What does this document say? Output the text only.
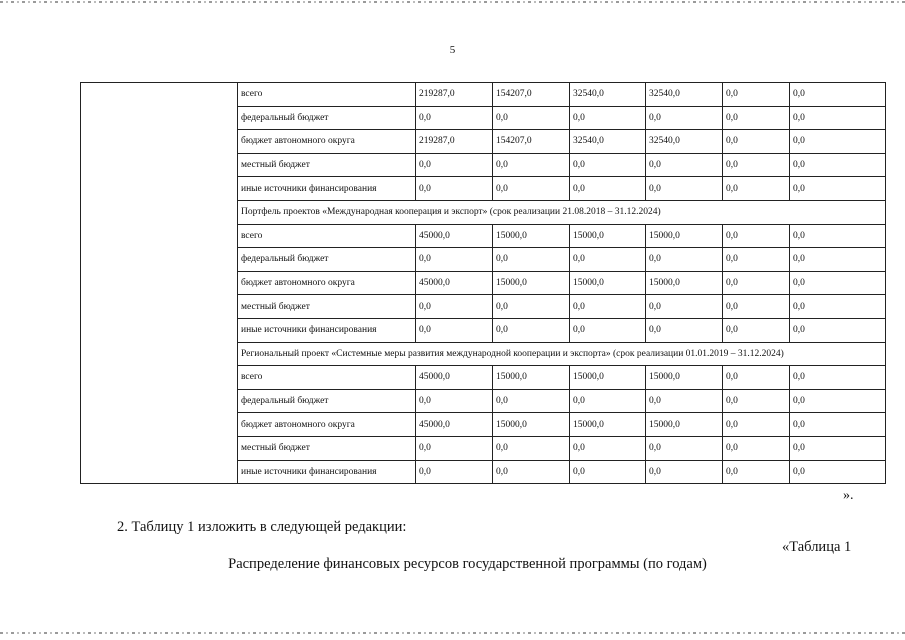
5
	всего	219287,0	154207,0	32540,0	32540,0	0,0	0,0
	федеральный бюджет	0,0	0,0	0,0	0,0	0,0	0,0
	бюджет автономного округа	219287,0	154207,0	32540,0	32540,0	0,0	0,0
	местный бюджет	0,0	0,0	0,0	0,0	0,0	0,0
	иные источники финансирования	0,0	0,0	0,0	0,0	0,0	0,0
	Портфель проектов «Международная кооперация и экспорт» (срок реализации 21.08.2018 – 31.12.2024)						
	всего	45000,0	15000,0	15000,0	15000,0	0,0	0,0
	федеральный бюджет	0,0	0,0	0,0	0,0	0,0	0,0
	бюджет автономного округа	45000,0	15000,0	15000,0	15000,0	0,0	0,0
	местный бюджет	0,0	0,0	0,0	0,0	0,0	0,0
	иные источники финансирования	0,0	0,0	0,0	0,0	0,0	0,0
	Региональный проект «Системные меры развития международной кооперации и экспорта» (срок реализации 01.01.2019 – 31.12.2024)						
	всего	45000,0	15000,0	15000,0	15000,0	0,0	0,0
	федеральный бюджет	0,0	0,0	0,0	0,0	0,0	0,0
	бюджет автономного округа	45000,0	15000,0	15000,0	15000,0	0,0	0,0
	местный бюджет	0,0	0,0	0,0	0,0	0,0	0,0
	иные источники финансирования	0,0	0,0	0,0	0,0	0,0	0,0
».
2. Таблицу 1 изложить в следующей редакции:
«Таблица 1
Распределение финансовых ресурсов государственной программы (по годам)
